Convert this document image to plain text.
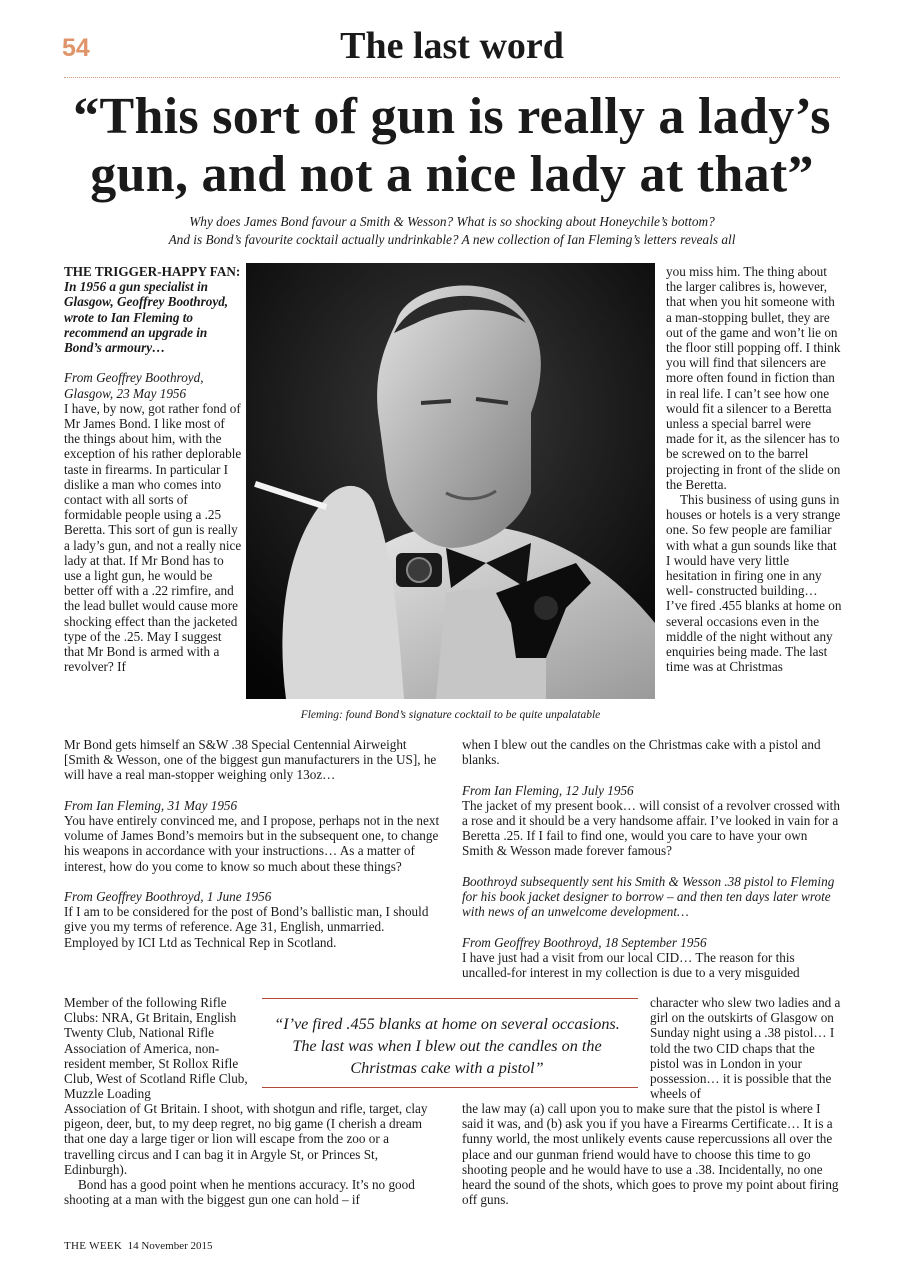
54	The last word
“This sort of gun is really a lady’s
gun, and not a nice lady at that”
Why does James Bond favour a Smith & Wesson? What is so shocking about Honeychile’s bottom?
And is Bond’s favourite cocktail actually undrinkable? A new collection of Ian Fleming’s letters reveals all

THE TRIGGER-HAPPY FAN: In 1956 a gun specialist in Glasgow, Geoffrey Boothroyd, wrote to Ian Fleming to recommend an upgrade in Bond’s armoury…

From Geoffrey Boothroyd, Glasgow, 23 May 1956

I have, by now, got rather fond of Mr James Bond. I like most of the things about him, with the exception of his rather deplorable taste in firearms. In particular I dislike a man who comes into contact with all sorts of formidable people using a .25 Beretta. This sort of gun is really a lady’s gun, and not a really nice lady at that. If Mr Bond has to use a light gun, he would be better off with a .22 rimfire, and the lead bullet would cause more shocking effect than the jacketed type of the .25. May I suggest that Mr Bond is armed with a revolver? If

Fleming: found Bond’s signature cocktail to be quite unpalatable

you miss him. The thing about the larger calibres is, however, that when you hit someone with a man-stopping bullet, they are out of the game and won’t lie on the floor still popping off. I think you will find that silencers are more often found in fiction than in real life. I can’t see how one would fit a silencer to a Beretta unless a special barrel were made for it, as the silencer has to be screwed on to the barrel projecting in front of the slide on the Beretta.

This business of using guns in houses or hotels is a very strange one. So few people are familiar with what a gun sounds like that I would have very little hesitation in firing one in any well- constructed building… I’ve fired .455 blanks at home on several occasions even in the middle of the night without any enquiries being made. The last time was at Christmas

Mr Bond gets himself an S&W .38 Special Centennial Airweight [Smith & Wesson, one of the biggest gun manufacturers in the US], he will have a real man-stopper weighing only 13oz…

From Ian Fleming, 31 May 1956

You have entirely convinced me, and I propose, perhaps not in the next volume of James Bond’s memoirs but in the subsequent one, to change his weapons in accordance with your instructions… As a matter of interest, how do you come to know so much about these things?

From Geoffrey Boothroyd, 1 June 1956

If I am to be considered for the post of Bond’s ballistic man, I should give you my terms of reference. Age 31, English, unmarried. Employed by ICI Ltd as Technical Rep in Scotland.

Member of the following Rifle Clubs: NRA, Gt Britain, English Twenty Club, National Rifle Association of America, non-resident member, St Rollox Rifle Club, West of Scotland Rifle Club, Muzzle Loading

Association of Gt Britain. I shoot, with shotgun and rifle, target, clay pigeon, deer, but, to my deep regret, no big game (I cherish a dream that one day a large tiger or lion will escape from the zoo or a travelling circus and I can bag it in Argyle St, or Princes St, Edinburgh).

Bond has a good point when he mentions accuracy. It’s no good shooting at a man with the biggest gun one can hold – if

when I blew out the candles on the Christmas cake with a pistol and blanks.

From Ian Fleming, 12 July 1956

The jacket of my present book… will consist of a revolver crossed with a rose and it should be a very handsome affair. I’ve looked in vain for a Beretta .25. If I fail to find one, would you care to have your own Smith & Wesson made forever famous?

Boothroyd subsequently sent his Smith & Wesson .38 pistol to Fleming for his book jacket designer to borrow – and then ten days later wrote with news of an unwelcome development…

From Geoffrey Boothroyd, 18 September 1956

I have just had a visit from our local CID… The reason for this uncalled-for interest in my collection is due to a very misguided

character who slew two ladies and a girl on the outskirts of Glasgow on Sunday night using a .38 pistol… I told the two CID chaps that the pistol was in London in your possession… it is possible that the wheels of

the law may (a) call upon you to make sure that the pistol is where I said it was, and (b) ask you if you have a Firearms Certificate… It is a funny world, the most unlikely events cause repercussions all over the place and our gunman friend would have to choose this time to go shooting people and he would have to use a .38. Incidentally, no one heard the sound of the shots, which goes to prove my point about firing off guns.

“I’ve fired .455 blanks at home on several occasions. The last was when I blew out the candles on the Christmas cake with a pistol”
THE WEEK 14 November 2015
